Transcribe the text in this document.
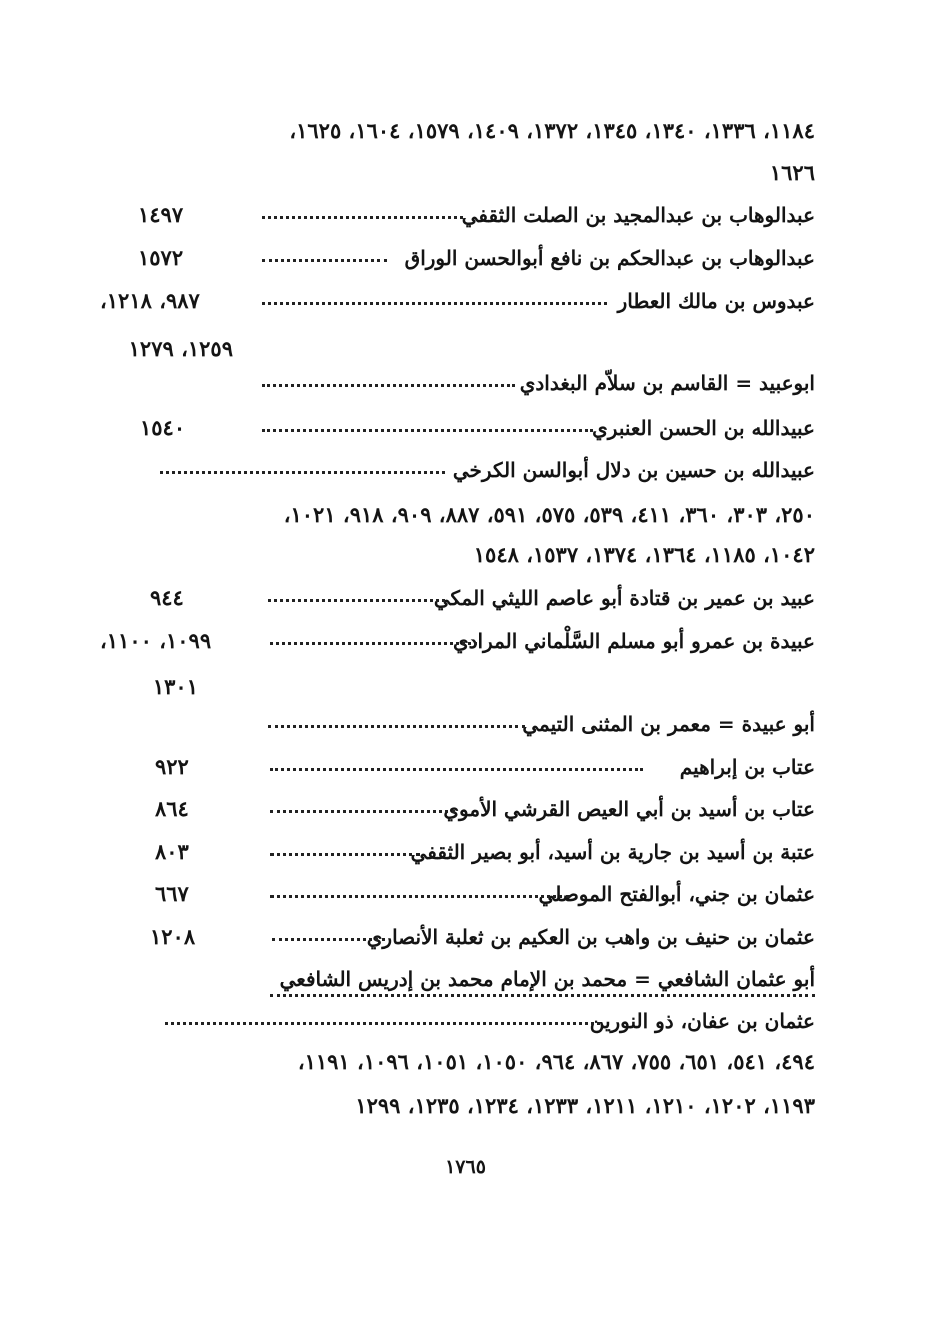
١١٨٤، ١٣٣٦، ١٣٤٠، ١٣٤٥، ١٣٧٢، ١٤٠٩، ١٥٧٩، ١٦٠٤، ١٦٢٥،
١٦٢٦
عبدالوهاب بن عبدالمجيد بن الصلت الثقفي
١٤٩٧
عبدالوهاب بن عبدالحكم بن نافع أبوالحسن الوراق
١٥٧٢
عبدوس بن مالك العطار
٩٨٧، ١٢١٨،
١٢٥٩، ١٢٧٩
ابوعبيد = القاسم بن سلاّم البغدادي
عبيدالله بن الحسن العنبري
١٥٤٠
عبيدالله بن حسين بن دلال أبوالسن الكرخي
٢٥٠، ٣٠٣، ٣٦٠، ٤١١، ٥٣٩، ٥٧٥، ٥٩١، ٨٨٧، ٩٠٩، ٩١٨، ١٠٢١،
١٠٤٢، ١١٨٥، ١٣٦٤، ١٣٧٤، ١٥٣٧، ١٥٤٨
عبيد بن عمير بن قتادة أبو عاصم الليثي المكي
٩٤٤
عبيدة بن عمرو أبو مسلم السَّلْماني المرادي
١٠٩٩، ١١٠٠،
١٣٠١
أبو عبيدة = معمر بن المثنى التيمي
عتاب بن إبراهيم
٩٢٢
عتاب بن أسيد بن أبي العيص القرشي الأموي
٨٦٤
عتبة بن أسيد بن جارية بن أسيد، أبو بصير الثقفي
٨٠٣
عثمان بن جني، أبوالفتح الموصلي
٦٦٧
عثمان بن حنيف بن واهب بن العكيم بن ثعلبة الأنصاري
١٢٠٨
أبو عثمان الشافعي = محمد بن الإمام محمد بن إدريس الشافعي
عثمان بن عفان، ذو النورين
٤٩٤، ٥٤١، ٦٥١، ٧٥٥، ٨٦٧، ٩٦٤، ١٠٥٠، ١٠٥١، ١٠٩٦، ١١٩١،
١١٩٣، ١٢٠٢، ١٢١٠، ١٢١١، ١٢٣٣، ١٢٣٤، ١٢٣٥، ١٢٩٩
١٧٦٥
